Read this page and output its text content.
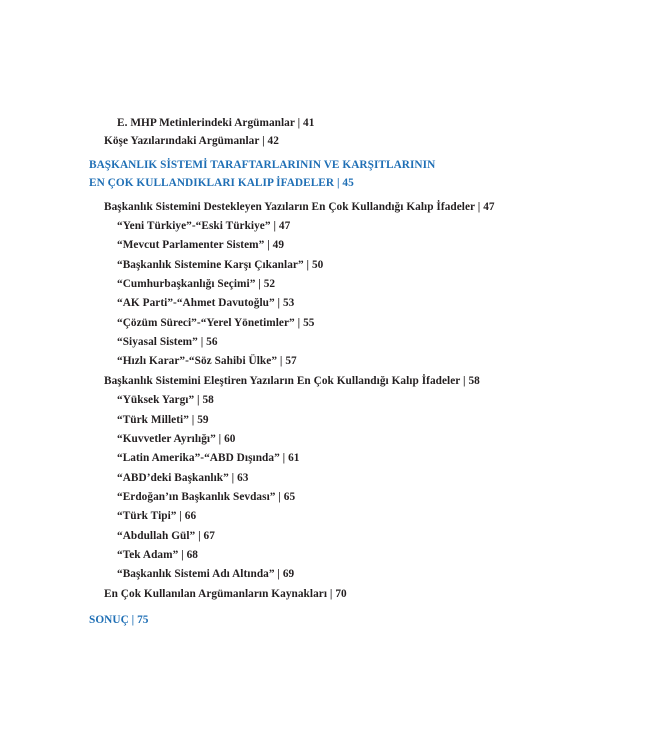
E. MHP Metinlerindeki Argümanlar | 41
Köşe Yazılarındaki Argümanlar | 42
BAŞKANLIK SİSTEMİ TARAFTARLARININ VE KARŞITLARININ
EN ÇOK KULLANDIKLARI KALIP İFADELER | 45
Başkanlık Sistemini Destekleyen Yazıların En Çok Kullandığı Kalıp İfadeler | 47
“Yeni Türkiye”-“Eski Türkiye” | 47
“Mevcut Parlamenter Sistem” | 49
“Başkanlık Sistemine Karşı Çıkanlar” | 50
“Cumhurbaşkanlığı Seçimi” | 52
“AK Parti”-“Ahmet Davutoğlu” | 53
“Çözüm Süreci”-“Yerel Yönetimler” | 55
“Siyasal Sistem” | 56
“Hızlı Karar”-“Söz Sahibi Ülke” | 57
Başkanlık Sistemini Eleştiren Yazıların En Çok Kullandığı Kalıp İfadeler | 58
“Yüksek Yargı” | 58
“Türk Milleti” | 59
“Kuvvetler Ayrılığı” | 60
“Latin Amerika”-“ABD Dışında” | 61
“ABD’deki Başkanlık” | 63
“Erdoğan’ın Başkanlık Sevdası” | 65
“Türk Tipi” | 66
“Abdullah Gül” | 67
“Tek Adam” | 68
“Başkanlık Sistemi Adı Altında” | 69
En Çok Kullanılan Argümanların Kaynakları | 70
SONUÇ | 75
